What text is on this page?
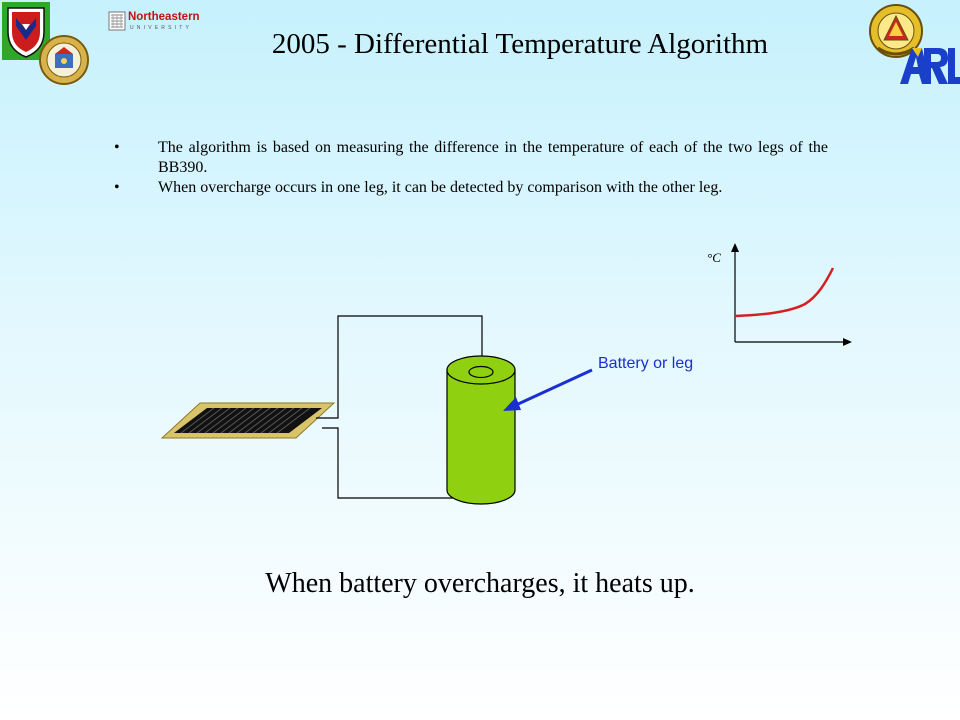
Northeastern
UNIVERSITY	2005 - Differential Temperature Algorithm
• The algorithm is based on measuring the difference in the temperature of each of the two legs of the BB390.
• When overcharge occurs in one leg, it can be detected by comparison with the other leg.
°C
Battery or leg
When battery overcharges, it heats up.
